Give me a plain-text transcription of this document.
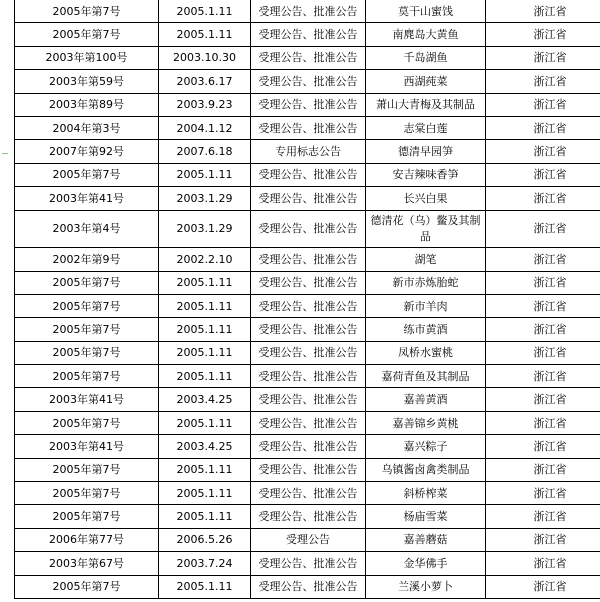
2005年第7号	2005.1.11	受理公告、批准公告	莫干山蜜饯	浙江省
2005年第7号	2005.1.11	受理公告、批准公告	南麂岛大黄鱼	浙江省
2003年第100号	2003.10.30	受理公告、批准公告	千岛湖鱼	浙江省
2003年第59号	2003.6.17	受理公告、批准公告	西湖莼菜	浙江省
2003年第89号	2003.9.23	受理公告、批准公告	萧山大青梅及其制品	浙江省
2004年第3号	2004.1.12	受理公告、批准公告	志棠白莲	浙江省
2007年第92号	2007.6.18	专用标志公告	德清早园笋	浙江省
2005年第7号	2005.1.11	受理公告、批准公告	安吉辣味香笋	浙江省
2003年第41号	2003.1.29	受理公告、批准公告	长兴白果	浙江省
2003年第4号	2003.1.29	受理公告、批准公告	德清花（乌）鳖及其制品	浙江省
2002年第9号	2002.2.10	受理公告、批准公告	湖笔	浙江省
2005年第7号	2005.1.11	受理公告、批准公告	新市赤炼胎蛇	浙江省
2005年第7号	2005.1.11	受理公告、批准公告	新市羊肉	浙江省
2005年第7号	2005.1.11	受理公告、批准公告	练市黄酒	浙江省
2005年第7号	2005.1.11	受理公告、批准公告	凤桥水蜜桃	浙江省
2005年第7号	2005.1.11	受理公告、批准公告	嘉荷青鱼及其制品	浙江省
2003年第41号	2003.4.25	受理公告、批准公告	嘉善黄酒	浙江省
2005年第7号	2005.1.11	受理公告、批准公告	嘉善锦乡黄桃	浙江省
2003年第41号	2003.4.25	受理公告、批准公告	嘉兴粽子	浙江省
2005年第7号	2005.1.11	受理公告、批准公告	乌镇酱卤禽类制品	浙江省
2005年第7号	2005.1.11	受理公告、批准公告	斜桥榨菜	浙江省
2005年第7号	2005.1.11	受理公告、批准公告	杨庙雪菜	浙江省
2006年第77号	2006.5.26	受理公告	嘉善蘑菇	浙江省
2003年第67号	2003.7.24	受理公告、批准公告	金华佛手	浙江省
2005年第7号	2005.1.11	受理公告、批准公告	兰溪小萝卜	浙江省
